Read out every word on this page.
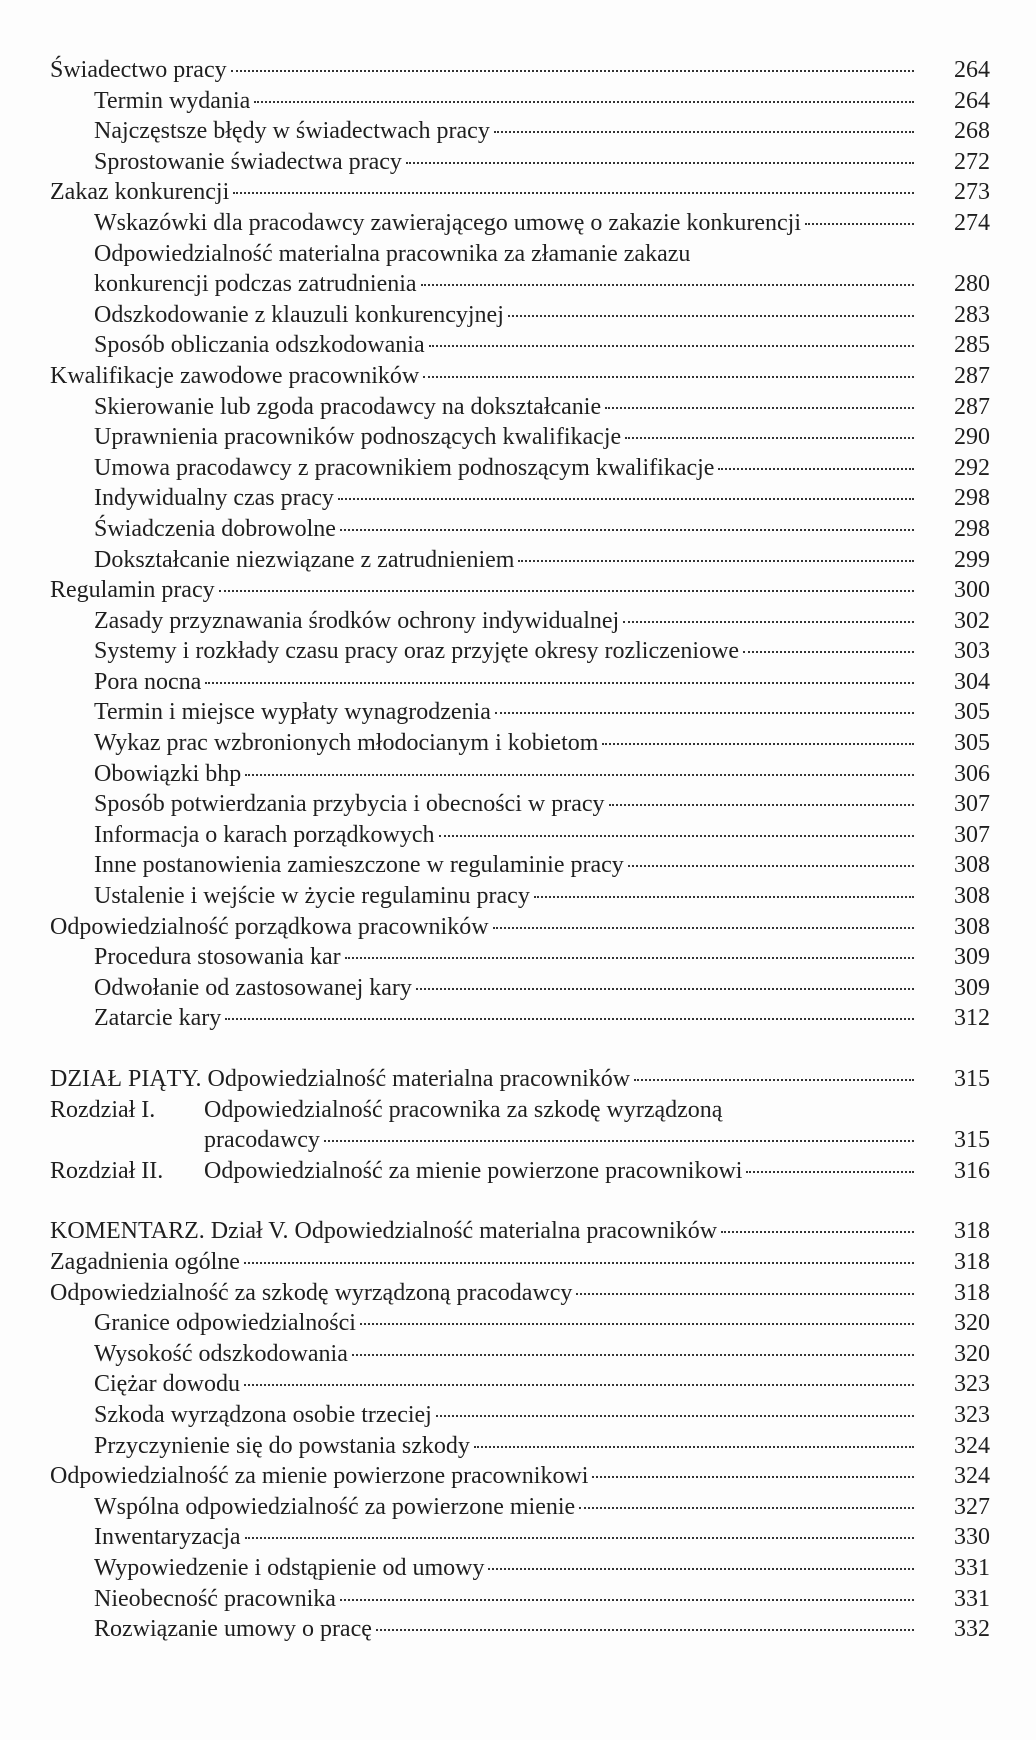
Świadectwo pracy	264
Termin wydania	264
Najczęstsze błędy w świadectwach pracy	268
Sprostowanie świadectwa pracy	272
Zakaz konkurencji	273
Wskazówki dla pracodawcy zawierającego umowę o zakazie konkurencji	274
Odpowiedzialność materialna pracownika za złamanie zakazu
konkurencji podczas zatrudnienia	280
Odszkodowanie z klauzuli konkurencyjnej	283
Sposób obliczania odszkodowania	285
Kwalifikacje zawodowe pracowników	287
Skierowanie lub zgoda pracodawcy na dokształcanie	287
Uprawnienia pracowników podnoszących kwalifikacje	290
Umowa pracodawcy z pracownikiem podnoszącym kwalifikacje	292
Indywidualny czas pracy	298
Świadczenia dobrowolne	298
Dokształcanie niezwiązane z zatrudnieniem	299
Regulamin pracy	300
Zasady przyznawania środków ochrony indywidualnej	302
Systemy i rozkłady czasu pracy oraz przyjęte okresy rozliczeniowe	303
Pora nocna	304
Termin i miejsce wypłaty wynagrodzenia	305
Wykaz prac wzbronionych młodocianym i kobietom	305
Obowiązki bhp	306
Sposób potwierdzania przybycia i obecności w pracy	307
Informacja o karach porządkowych	307
Inne postanowienia zamieszczone w regulaminie pracy	308
Ustalenie i wejście w życie regulaminu pracy	308
Odpowiedzialność porządkowa pracowników	308
Procedura stosowania kar	309
Odwołanie od zastosowanej kary	309
Zatarcie kary	312
DZIAŁ PIĄTY. Odpowiedzialność materialna pracowników	315
Rozdział I.	Odpowiedzialność pracownika za szkodę wyrządzoną
pracodawcy	315
Rozdział II.	Odpowiedzialność za mienie powierzone pracownikowi	316
KOMENTARZ. Dział V. Odpowiedzialność materialna pracowników	318
Zagadnienia ogólne	318
Odpowiedzialność za szkodę wyrządzoną pracodawcy	318
Granice odpowiedzialności	320
Wysokość odszkodowania	320
Ciężar dowodu	323
Szkoda wyrządzona osobie trzeciej	323
Przyczynienie się do powstania szkody	324
Odpowiedzialność za mienie powierzone pracownikowi	324
Wspólna odpowiedzialność za powierzone mienie	327
Inwentaryzacja	330
Wypowiedzenie i odstąpienie od umowy	331
Nieobecność pracownika	331
Rozwiązanie umowy o pracę	332
